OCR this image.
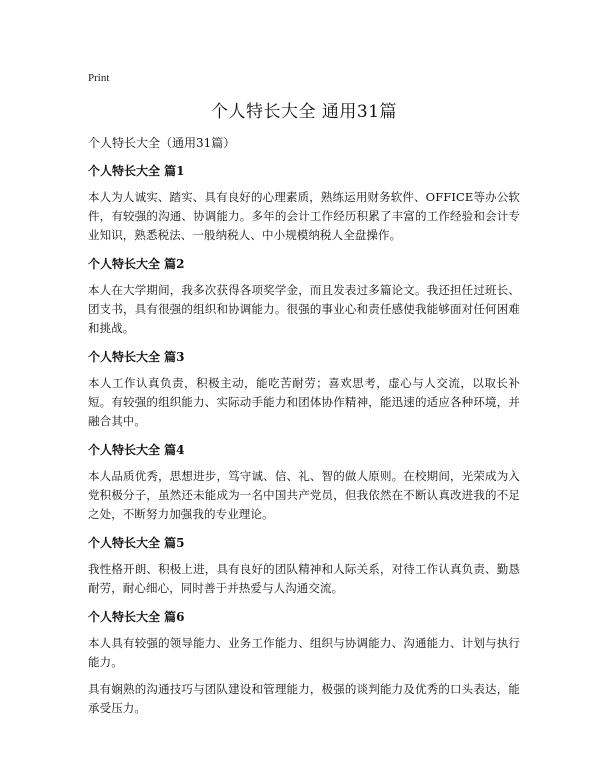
Print
个人特长大全 通用31篇

个人特长大全（通用31篇）

个人特长大全 篇1

本人为人诚实、踏实、具有良好的心理素质，熟练运用财务软件、OFFICE等办公软件，有较强的沟通、协调能力。多年的会计工作经历积累了丰富的工作经验和会计专业知识，熟悉税法、一般纳税人、中小规模纳税人全盘操作。

个人特长大全 篇2

本人在大学期间，我多次获得各项奖学金，而且发表过多篇论文。我还担任过班长、团支书，具有很强的组织和协调能力。很强的事业心和责任感使我能够面对任何困难和挑战。

个人特长大全 篇3

本人工作认真负责，积极主动，能吃苦耐劳；喜欢思考，虚心与人交流，以取长补短。有较强的组织能力、实际动手能力和团体协作精神，能迅速的适应各种环境，并融合其中。

个人特长大全 篇4

本人品质优秀，思想进步，笃守诚、信、礼、智的做人原则。在校期间，光荣成为入党积极分子，虽然还未能成为一名中国共产党员，但我依然在不断认真改进我的不足之处，不断努力加强我的专业理论。

个人特长大全 篇5

我性格开朗、积极上进，具有良好的团队精神和人际关系，对待工作认真负责、勤恳耐劳，耐心细心，同时善于并热爱与人沟通交流。

个人特长大全 篇6

本人具有较强的领导能力、业务工作能力、组织与协调能力、沟通能力、计划与执行能力。

具有娴熟的沟通技巧与团队建设和管理能力，极强的谈判能力及优秀的口头表达，能承受压力。
